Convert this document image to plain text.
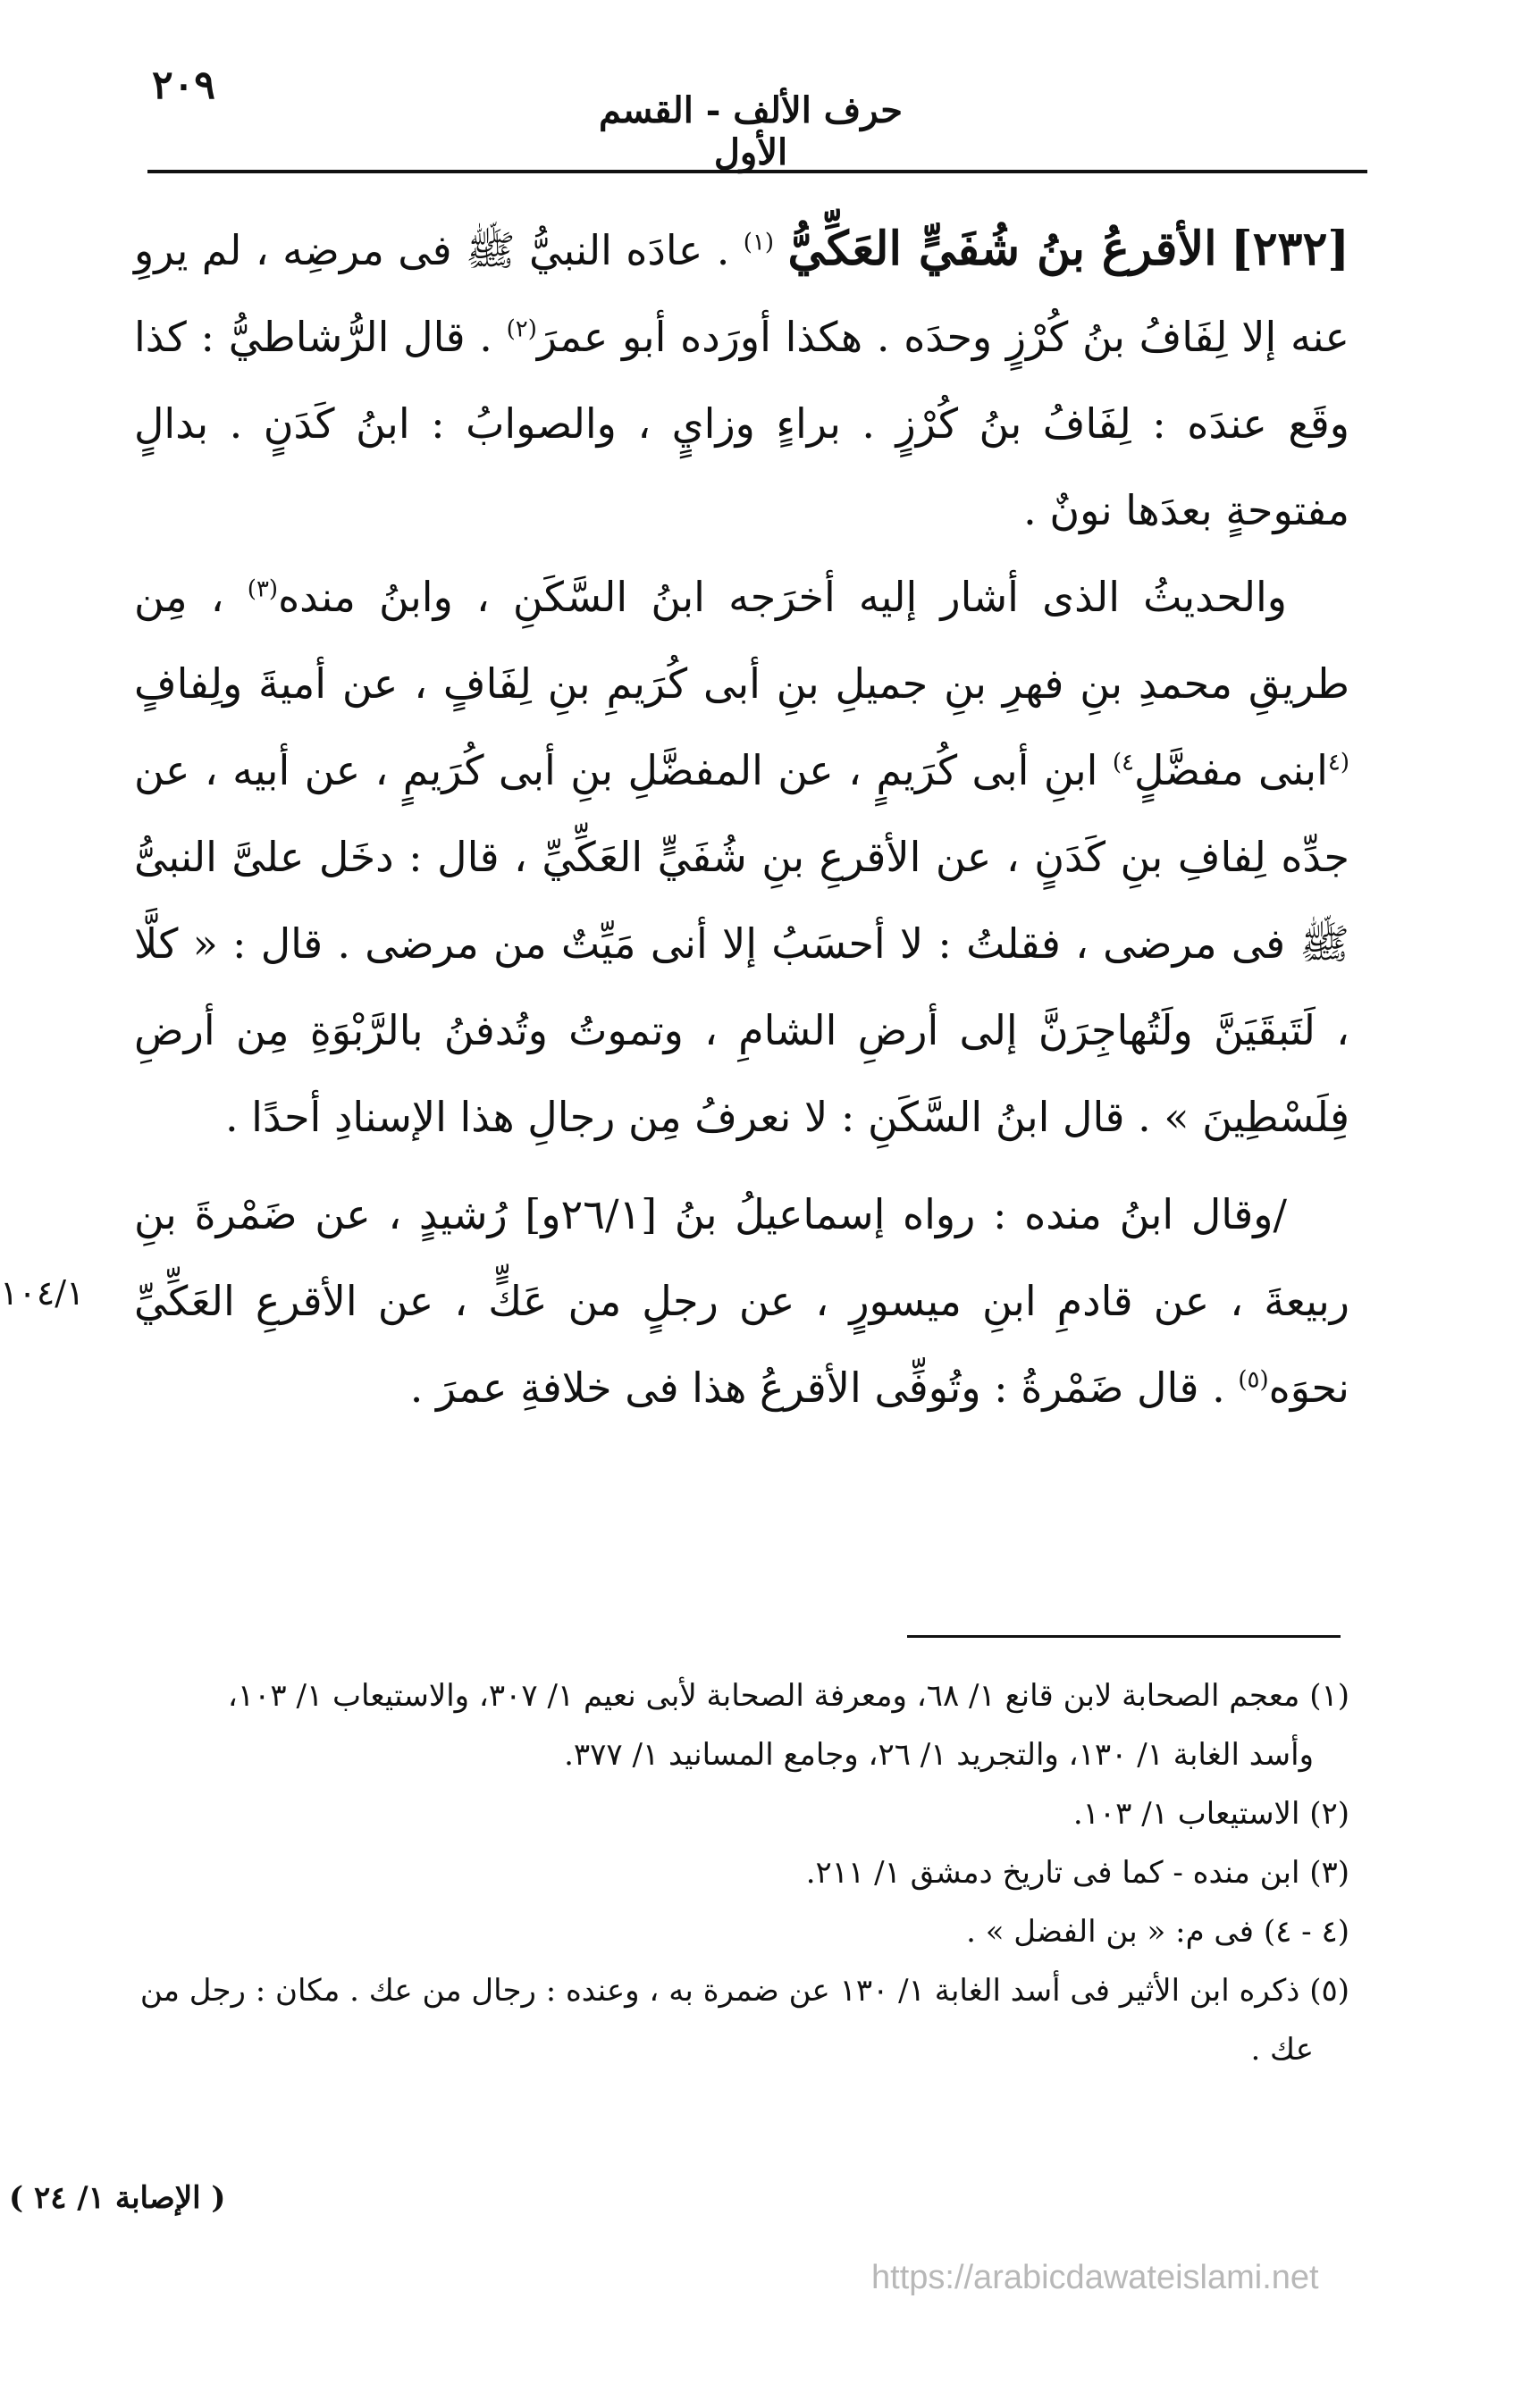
٢٠٩
حرف الألف - القسم الأول

[٢٣٢] الأقرعُ بنُ شُفَيٍّ العَكِّيُّ $^{(١)}$ . عادَه النبيُّ ﷺ فى مرضِه ، لم يروِ عنه إلا لِفَافُ بنُ كُرْزٍ وحدَه . هكذا أورَده أبو عمرَ$^{(٢)}$ . قال الرُّشاطيُّ : كذا وقَع عندَه : لِفَافُ بنُ كُرْزٍ . براءٍ وزايٍ ، والصوابُ : ابنُ كَدَنٍ . بدالٍ مفتوحةٍ بعدَها نونٌ .

والحديثُ الذى أشار إليه أخرَجه ابنُ السَّكَنِ ، وابنُ منده$^{(٣)}$ ، مِن طريقِ محمدِ بنِ فهرِ بنِ جميلِ بنِ أبى كُرَيمِ بنِ لِفَافٍ ، عن أميةَ ولِفافٍ $^{(٤}$ابنى مفضَّلٍ$^{٤)}$ ابنِ أبى كُرَيمٍ ، عن المفضَّلِ بنِ أبى كُرَيمٍ ، عن أبيه ، عن جدِّه لِفافِ بنِ كَدَنٍ ، عن الأقرعِ بنِ شُفَيٍّ العَكِّيِّ ، قال : دخَل علىَّ النبىُّ ﷺ فى مرضى ، فقلتُ : لا أحسَبُ إلا أنى مَيِّتٌ من مرضى . قال : « كلَّا ، لَتَبقَيَنَّ ولَتُهاجِرَنَّ إلى أرضِ الشامِ ، وتموتُ وتُدفنُ بالرَّبْوَةِ مِن أرضِ فِلَسْطِينَ » . قال ابنُ السَّكَنِ : لا نعرفُ مِن رجالِ هذا الإسنادِ أحدًا .

/وقال ابنُ منده : رواه إسماعيلُ بنُ [٢٦/١و] رُشيدٍ ، عن ضَمْرةَ بنِ ربيعةَ ، عن قادمِ ابنِ ميسورٍ ، عن رجلٍ من عَكٍّ ، عن الأقرعِ العَكِّيِّ نحوَه$^{(٥)}$ . قال ضَمْرةُ : وتُوفِّى الأقرعُ هذا فى خلافةِ عمرَ .

١٠٤/١

(١) معجم الصحابة لابن قانع ١/ ٦٨، ومعرفة الصحابة لأبى نعيم ١/ ٣٠٧، والاستيعاب ١/ ١٠٣،

وأسد الغابة ١/ ١٣٠، والتجريد ١/ ٢٦، وجامع المسانيد ١/ ٣٧٧.

(٢) الاستيعاب ١/ ١٠٣.

(٣) ابن منده - كما فى تاريخ دمشق ١/ ٢١١.

(٤ - ٤) فى م: « بن الفضل » .

(٥) ذكره ابن الأثير فى أسد الغابة ١/ ١٣٠ عن ضمرة به ، وعنده : رجال من عك . مكان : رجل من

عك .

( الإصابة ١/ ٢٤ )
https://arabicdawateislami.net
